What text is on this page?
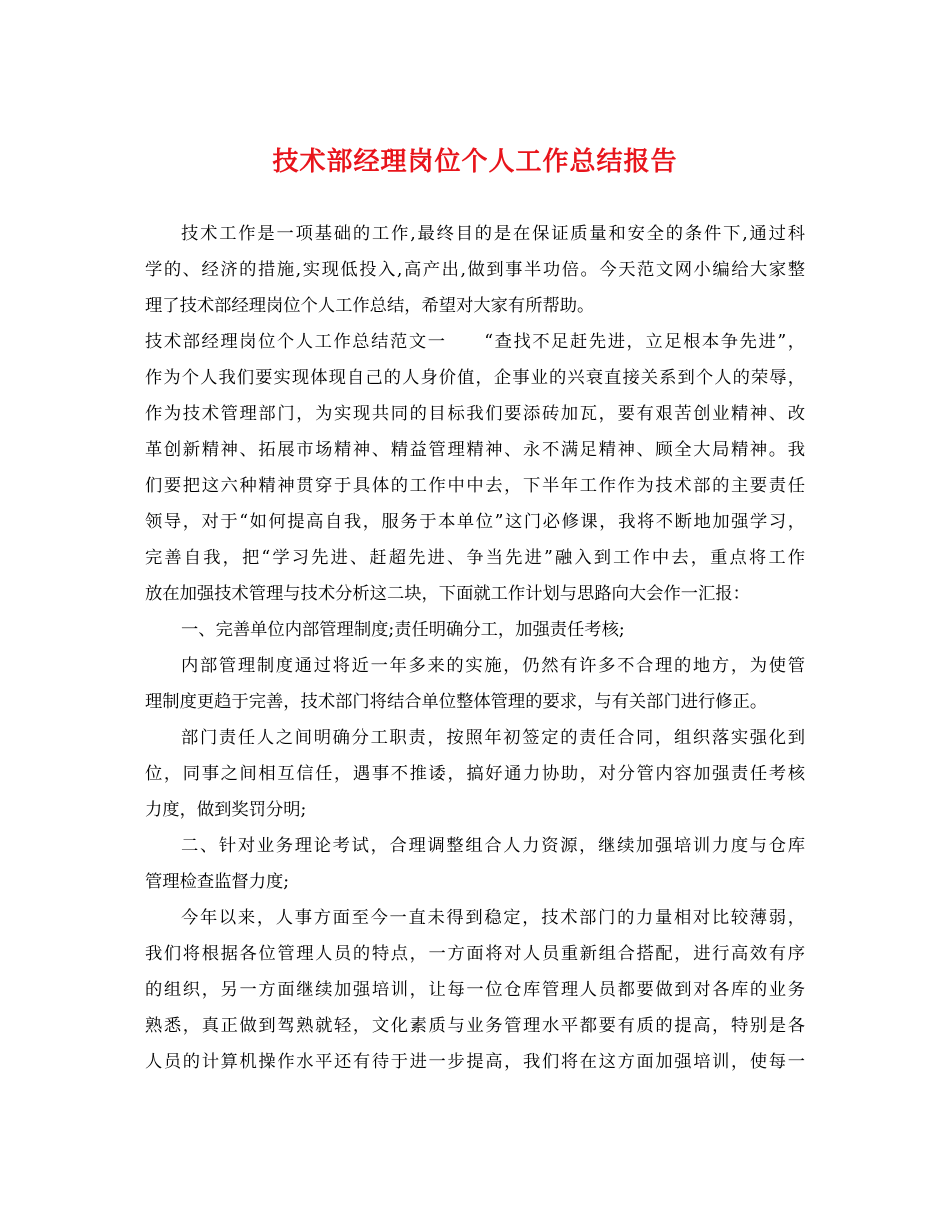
技术部经理岗位个人工作总结报告
技术工作是一项基础的工作,最终目的是在保证质量和安全的条件下,通过科
学的、经济的措施,实现低投入,高产出,做到事半功倍。今天范文网小编给大家整
理了技术部经理岗位个人工作总结，希望对大家有所帮助。
技术部经理岗位个人工作总结范文一　　“查找不足赶先进，立足根本争先进”，
作为个人我们要实现体现自己的人身价值，企事业的兴衰直接关系到个人的荣辱，
作为技术管理部门，为实现共同的目标我们要添砖加瓦，要有艰苦创业精神、改
革创新精神、拓展市场精神、精益管理精神、永不满足精神、顾全大局精神。我
们要把这六种精神贯穿于具体的工作中中去，下半年工作作为技术部的主要责任
领导，对于“如何提高自我，服务于本单位”这门必修课，我将不断地加强学习，
完善自我，把“学习先进、赶超先进、争当先进”融入到工作中去，重点将工作
放在加强技术管理与技术分析这二块，下面就工作计划与思路向大会作一汇报：
一、完善单位内部管理制度;责任明确分工，加强责任考核;
内部管理制度通过将近一年多来的实施，仍然有许多不合理的地方，为使管
理制度更趋于完善，技术部门将结合单位整体管理的要求，与有关部门进行修正。
部门责任人之间明确分工职责，按照年初签定的责任合同，组织落实强化到
位，同事之间相互信任，遇事不推诿，搞好通力协助，对分管内容加强责任考核
力度，做到奖罚分明;
二、针对业务理论考试，合理调整组合人力资源，继续加强培训力度与仓库
管理检查监督力度;
今年以来，人事方面至今一直未得到稳定，技术部门的力量相对比较薄弱，
我们将根据各位管理人员的特点，一方面将对人员重新组合搭配，进行高效有序
的组织，另一方面继续加强培训，让每一位仓库管理人员都要做到对各库的业务
熟悉，真正做到驾熟就轻，文化素质与业务管理水平都要有质的提高，特别是各
人员的计算机操作水平还有待于进一步提高，我们将在这方面加强培训，使每一
